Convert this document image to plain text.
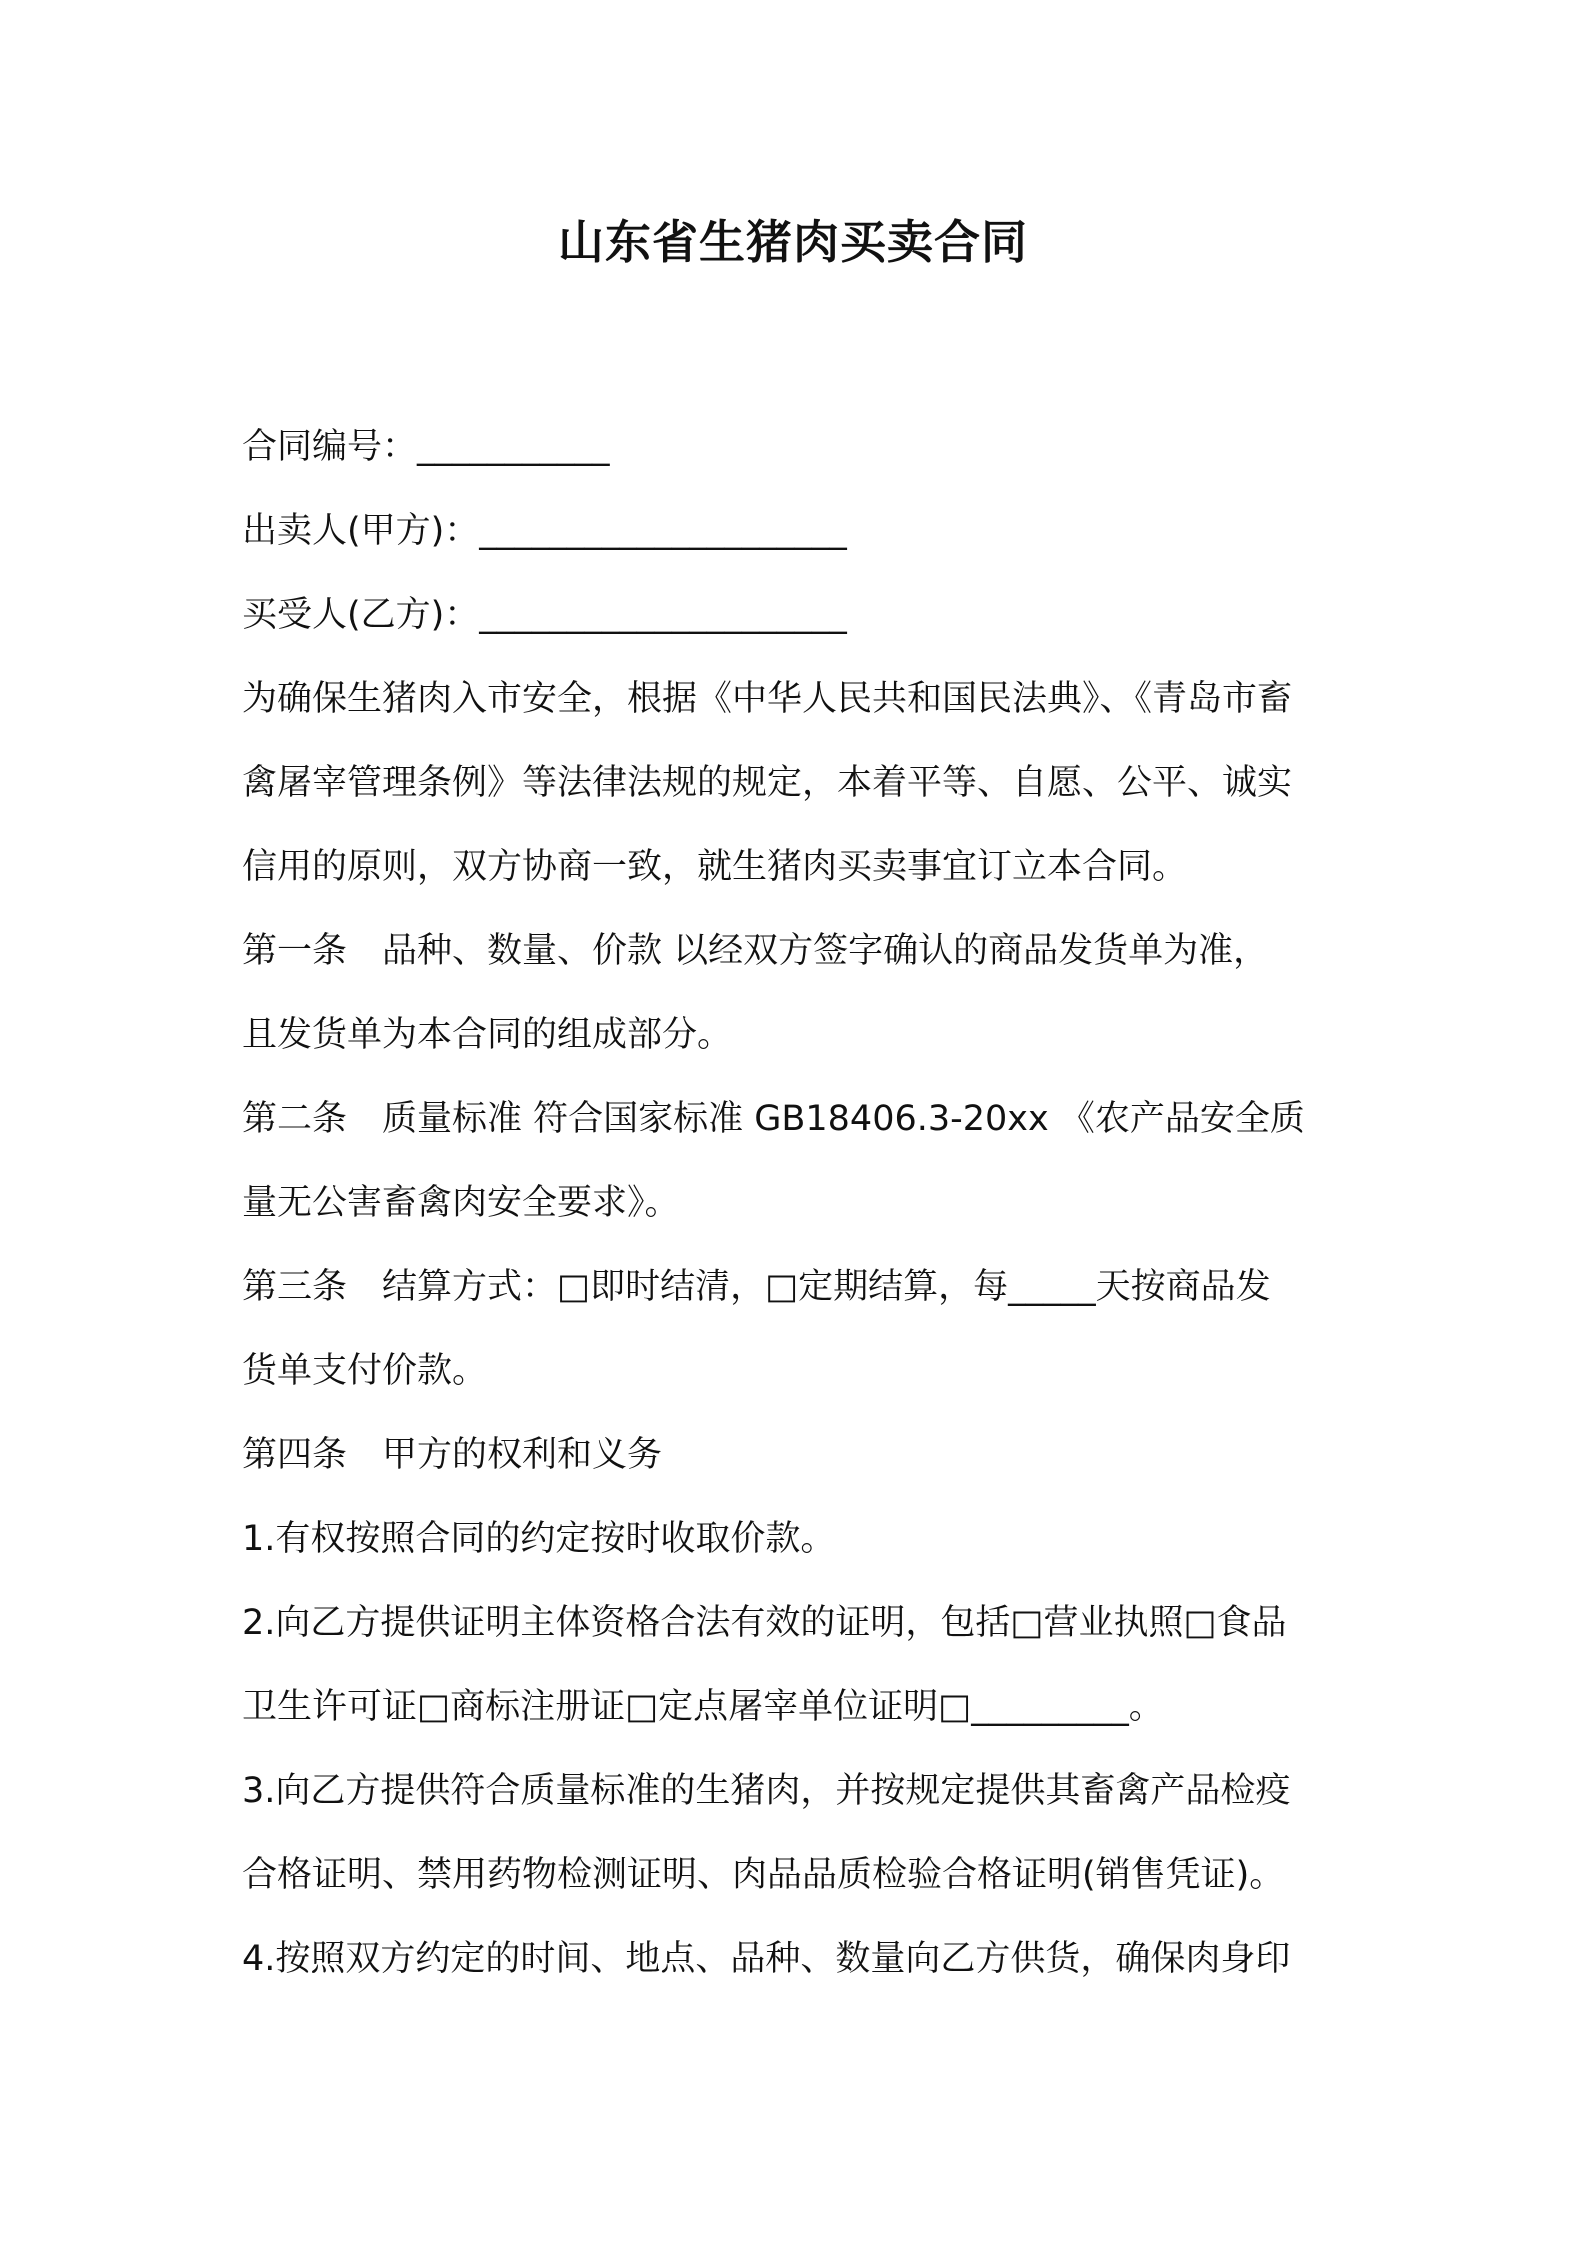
山东省生猪肉买卖合同
合同编号：___________
出卖人(甲方)：_____________________
买受人(乙方)：_____________________
为确保生猪肉入市安全，根据《中华人民共和国民法典》、《青岛市畜
禽屠宰管理条例》等法律法规的规定，本着平等、自愿、公平、诚实
信用的原则，双方协商一致，就生猪肉买卖事宜订立本合同。
第一条　品种、数量、价款 以经双方签字确认的商品发货单为准，
且发货单为本合同的组成部分。
第二条　质量标准 符合国家标准 GB18406.3-20xx 《农产品安全质
量无公害畜禽肉安全要求》。
第三条　结算方式：□即时结清，□定期结算，每_____天按商品发
货单支付价款。
第四条　甲方的权利和义务
1.有权按照合同的约定按时收取价款。
2.向乙方提供证明主体资格合法有效的证明，包括□营业执照□食品
卫生许可证□商标注册证□定点屠宰单位证明□_________。
3.向乙方提供符合质量标准的生猪肉，并按规定提供其畜禽产品检疫
合格证明、禁用药物检测证明、肉品品质检验合格证明(销售凭证)。
4.按照双方约定的时间、地点、品种、数量向乙方供货，确保肉身印
